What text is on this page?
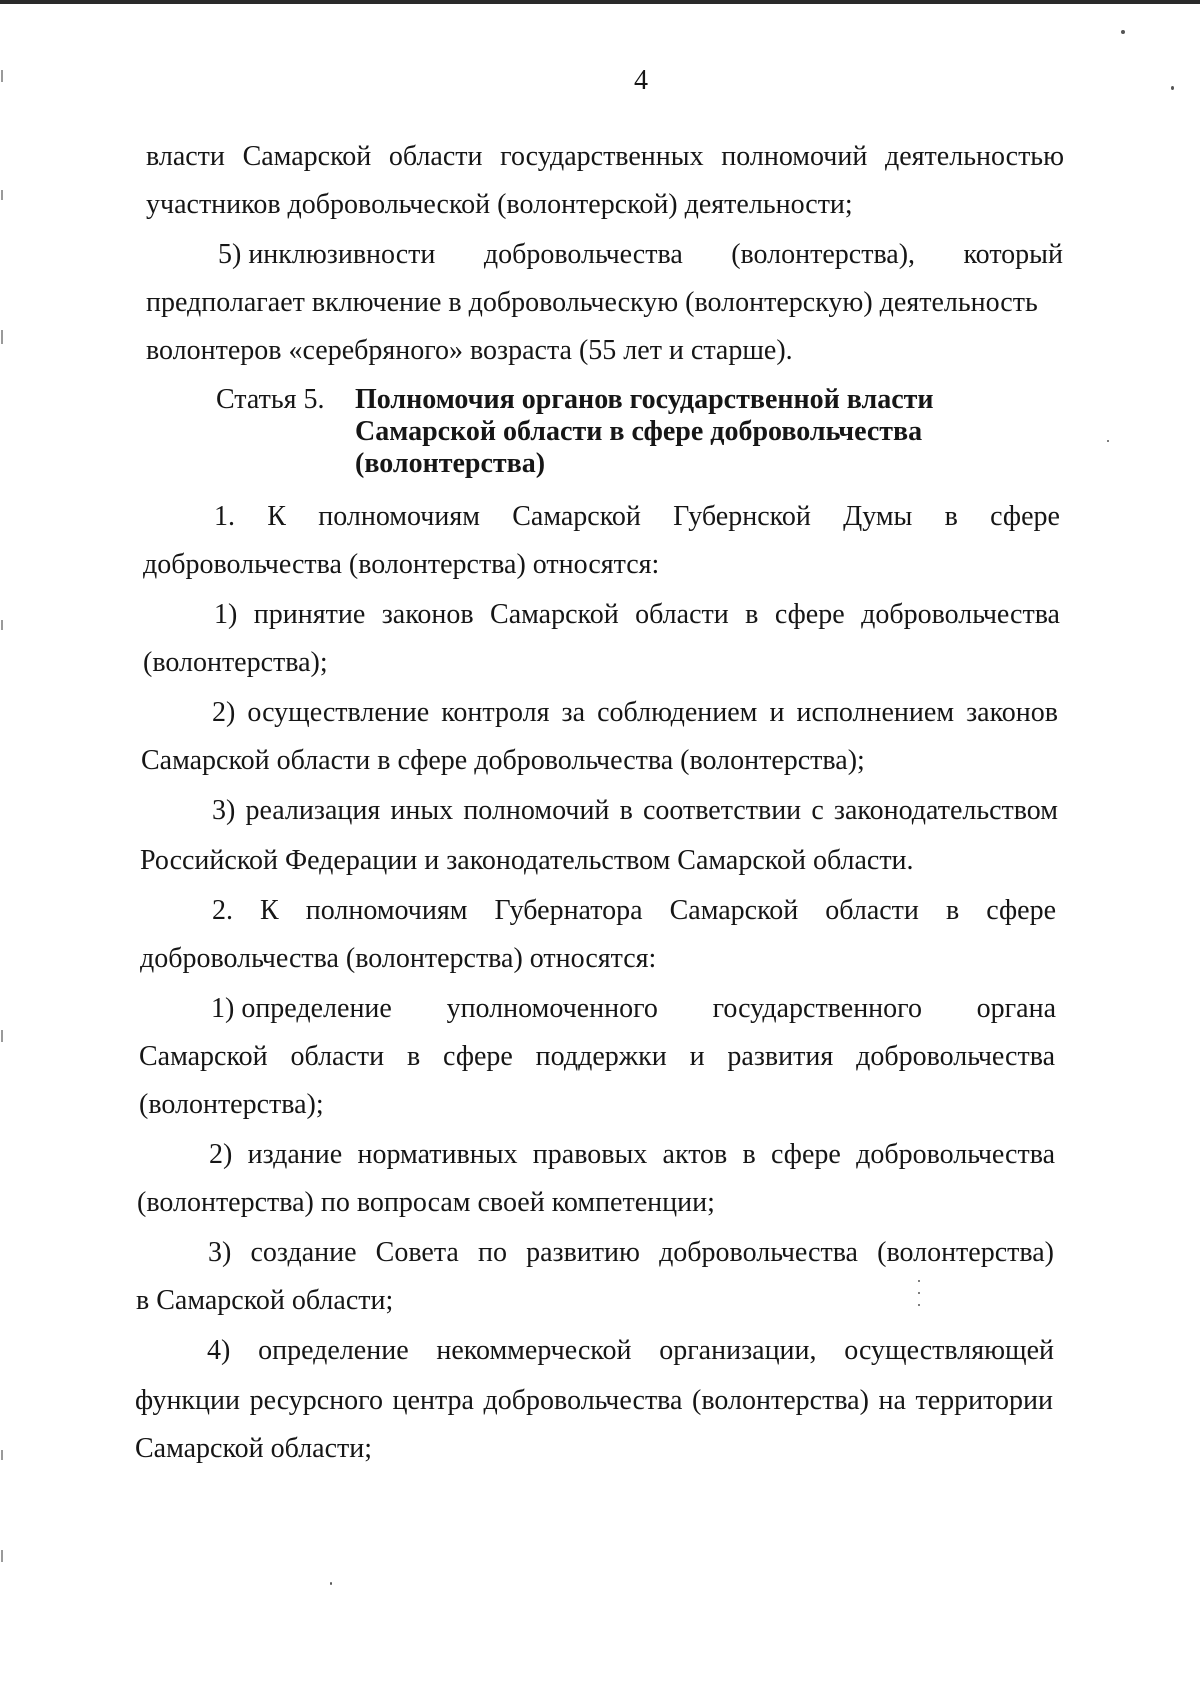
4
власти Самарской области государственных полномочий деятельностью
участников добровольческой (волонтерской) деятельности;
5) инклюзивности добровольчества (волонтерства), который
предполагает включение в добровольческую (волонтерскую) деятельность
волонтеров «серебряного» возраста (55 лет и старше).
Статья 5. Полномочия органов государственной власти
Самарской области в сфере добровольчества
(волонтерства)
1. К полномочиям Самарской Губернской Думы в сфере
добровольчества (волонтерства) относятся:
1) принятие законов Самарской области в сфере добровольчества
(волонтерства);
2) осуществление контроля за соблюдением и исполнением законов
Самарской области в сфере добровольчества (волонтерства);
3) реализация иных полномочий в соответствии с законодательством
Российской Федерации и законодательством Самарской области.
2. К полномочиям Губернатора Самарской области в сфере
добровольчества (волонтерства) относятся:
1) определение уполномоченного государственного органа
Самарской области в сфере поддержки и развития добровольчества
(волонтерства);
2) издание нормативных правовых актов в сфере добровольчества
(волонтерства) по вопросам своей компетенции;
3) создание Совета по развитию добровольчества (волонтерства)
в Самарской области;
4) определение некоммерческой организации, осуществляющей
функции ресурсного центра добровольчества (волонтерства) на территории
Самарской области;
